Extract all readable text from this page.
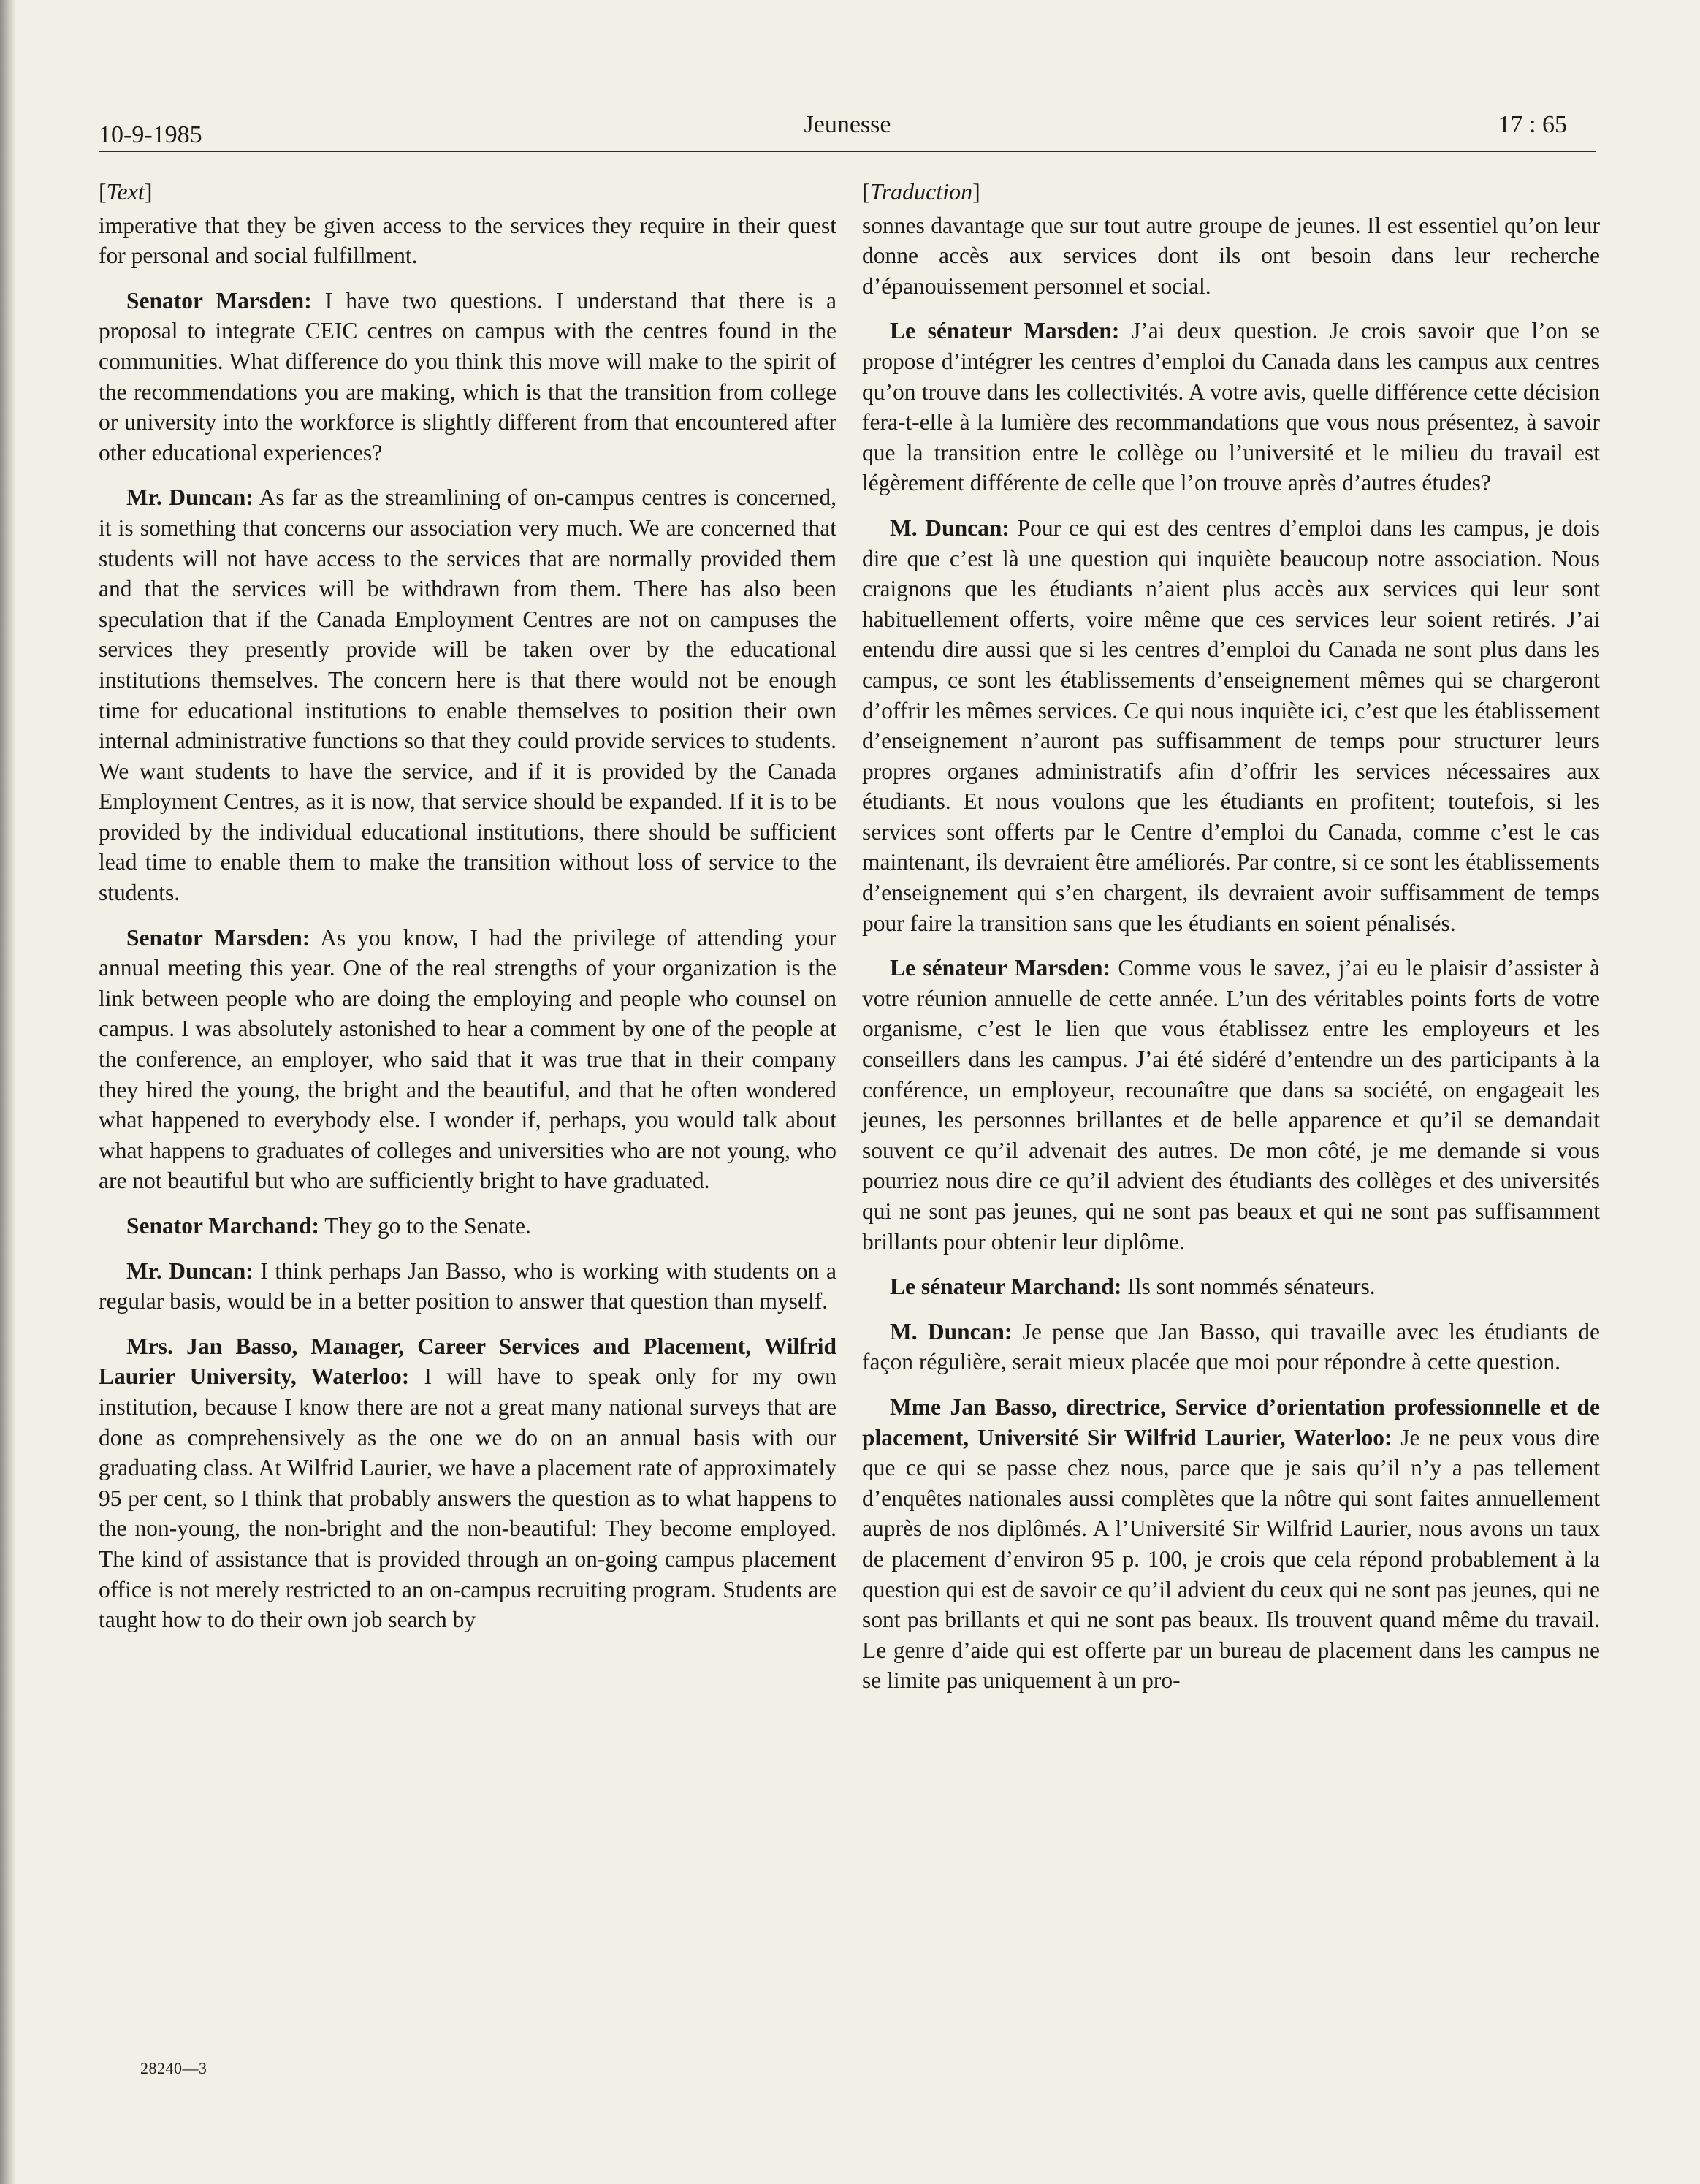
10-9-1985	Jeunesse	17 : 65
[Text]

imperative that they be given access to the services they require in their quest for personal and social fulfillment.

Senator Marsden: I have two questions. I understand that there is a proposal to integrate CEIC centres on campus with the centres found in the communities. What difference do you think this move will make to the spirit of the recommendations you are making, which is that the transition from college or university into the workforce is slightly different from that encountered after other educational experiences?

Mr. Duncan: As far as the streamlining of on-campus centres is concerned, it is something that concerns our association very much. We are concerned that students will not have access to the services that are normally provided them and that the services will be withdrawn from them. There has also been speculation that if the Canada Employment Centres are not on campuses the services they presently provide will be taken over by the educational institutions themselves. The concern here is that there would not be enough time for educational institutions to enable themselves to position their own internal administrative functions so that they could provide services to students. We want students to have the service, and if it is provided by the Canada Employment Centres, as it is now, that service should be expanded. If it is to be provided by the individual educational institutions, there should be sufficient lead time to enable them to make the transition without loss of service to the students.

Senator Marsden: As you know, I had the privilege of attending your annual meeting this year. One of the real strengths of your organization is the link between people who are doing the employing and people who counsel on campus. I was absolutely astonished to hear a comment by one of the people at the conference, an employer, who said that it was true that in their company they hired the young, the bright and the beautiful, and that he often wondered what happened to everybody else. I wonder if, perhaps, you would talk about what happens to graduates of colleges and universities who are not young, who are not beautiful but who are sufficiently bright to have graduated.

Senator Marchand: They go to the Senate.

Mr. Duncan: I think perhaps Jan Basso, who is working with students on a regular basis, would be in a better position to answer that question than myself.

Mrs. Jan Basso, Manager, Career Services and Placement, Wilfrid Laurier University, Waterloo: I will have to speak only for my own institution, because I know there are not a great many national surveys that are done as comprehensively as the one we do on an annual basis with our graduating class. At Wilfrid Laurier, we have a placement rate of approximately 95 per cent, so I think that probably answers the question as to what happens to the non-young, the non-bright and the non-beautiful: They become employed. The kind of assistance that is provided through an on-going campus placement office is not merely restricted to an on-campus recruiting program. Students are taught how to do their own job search by

[Traduction]

sonnes davantage que sur tout autre groupe de jeunes. Il est essentiel qu’on leur donne accès aux services dont ils ont besoin dans leur recherche d’épanouissement personnel et social.

Le sénateur Marsden: J’ai deux question. Je crois savoir que l’on se propose d’intégrer les centres d’emploi du Canada dans les campus aux centres qu’on trouve dans les collectivités. A votre avis, quelle différence cette décision fera-t-elle à la lumière des recommandations que vous nous présentez, à savoir que la transition entre le collège ou l’université et le milieu du travail est légèrement différente de celle que l’on trouve après d’autres études?

M. Duncan: Pour ce qui est des centres d’emploi dans les campus, je dois dire que c’est là une question qui inquiète beaucoup notre association. Nous craignons que les étudiants n’aient plus accès aux services qui leur sont habituellement offerts, voire même que ces services leur soient retirés. J’ai entendu dire aussi que si les centres d’emploi du Canada ne sont plus dans les campus, ce sont les établissements d’enseignement mêmes qui se chargeront d’offrir les mêmes services. Ce qui nous inquiète ici, c’est que les établissement d’enseignement n’auront pas suffisamment de temps pour structurer leurs propres organes administratifs afin d’offrir les services nécessaires aux étudiants. Et nous voulons que les étudiants en profitent; toutefois, si les services sont offerts par le Centre d’emploi du Canada, comme c’est le cas maintenant, ils devraient être améliorés. Par contre, si ce sont les établissements d’enseignement qui s’en chargent, ils devraient avoir suffisamment de temps pour faire la transition sans que les étudiants en soient pénalisés.

Le sénateur Marsden: Comme vous le savez, j’ai eu le plaisir d’assister à votre réunion annuelle de cette année. L’un des véritables points forts de votre organisme, c’est le lien que vous établissez entre les employeurs et les conseillers dans les campus. J’ai été sidéré d’entendre un des participants à la conférence, un employeur, recounaître que dans sa société, on engageait les jeunes, les personnes brillantes et de belle apparence et qu’il se demandait souvent ce qu’il advenait des autres. De mon côté, je me demande si vous pourriez nous dire ce qu’il advient des étudiants des collèges et des universités qui ne sont pas jeunes, qui ne sont pas beaux et qui ne sont pas suffisamment brillants pour obtenir leur diplôme.

Le sénateur Marchand: Ils sont nommés sénateurs.

M. Duncan: Je pense que Jan Basso, qui travaille avec les étudiants de façon régulière, serait mieux placée que moi pour répondre à cette question.

Mme Jan Basso, directrice, Service d’orientation professionnelle et de placement, Université Sir Wilfrid Laurier, Waterloo: Je ne peux vous dire que ce qui se passe chez nous, parce que je sais qu’il n’y a pas tellement d’enquêtes nationales aussi complètes que la nôtre qui sont faites annuellement auprès de nos diplômés. A l’Université Sir Wilfrid Laurier, nous avons un taux de placement d’environ 95 p. 100, je crois que cela répond probablement à la question qui est de savoir ce qu’il advient du ceux qui ne sont pas jeunes, qui ne sont pas brillants et qui ne sont pas beaux. Ils trouvent quand même du travail. Le genre d’aide qui est offerte par un bureau de placement dans les campus ne se limite pas uniquement à un pro-

28240—3
